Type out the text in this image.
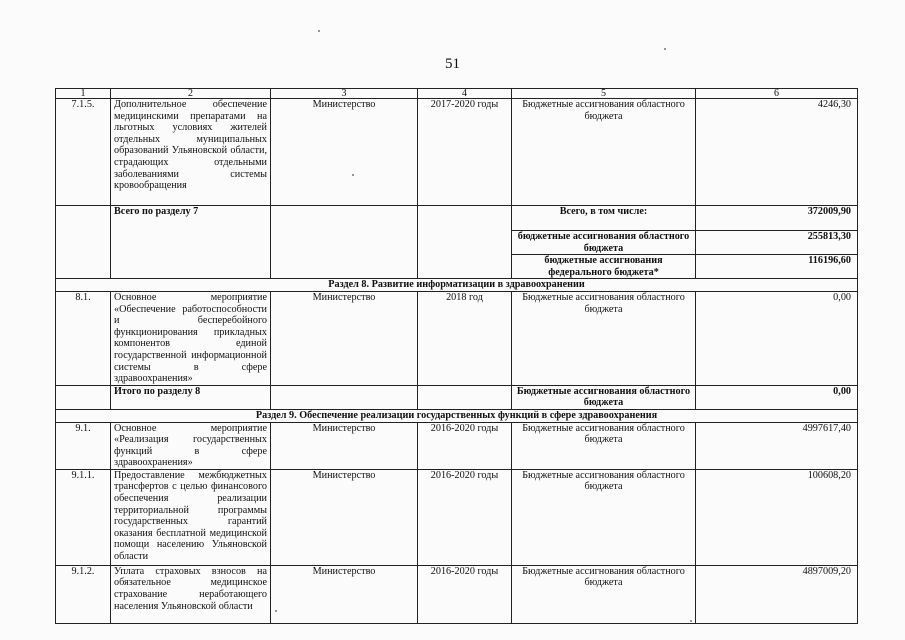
51
1	2	3	4	5	6
7.1.5.	Дополнительное обеспечение медицинскими препаратами на льготных условиях жителей отдельных муниципальных образований Ульяновской области, страдающих отдельными заболеваниями системы кровообращения	Министерство	2017-2020 годы	Бюджетные ассигнования областного бюджета	4246,30
	Всего по разделу 7			Всего, в том числе:	372009,90
				бюджетные ассигнования областного бюджета	255813,30
				бюджетные ассигнования федерального бюджета*	116196,60
Раздел 8. Развитие информатизации в здравоохранении					
8.1.	Основное мероприятие «Обеспечение работоспособности и бесперебойного функционирования прикладных компонентов единой государственной информационной системы в сфере здравоохранения»	Министерство	2018 год	Бюджетные ассигнования областного бюджета	0,00
	Итого по разделу 8			Бюджетные ассигнования областного бюджета	0,00
Раздел 9. Обеспечение реализации государственных функций в сфере здравоохранения					
9.1.	Основное мероприятие «Реализация государственных функций в сфере здравоохранения»	Министерство	2016-2020 годы	Бюджетные ассигнования областного бюджета	4997617,40
9.1.1.	Предоставление межбюджетных трансфертов с целью финансового обеспечения реализации территориальной программы государственных гарантий оказания бесплатной медицинской помощи населению Ульяновской области	Министерство	2016-2020 годы	Бюджетные ассигнования областного бюджета	100608,20
9.1.2.	Уплата страховых взносов на обязательное медицинское страхование неработающего населения Ульяновской области	Министерство	2016-2020 годы	Бюджетные ассигнования областного бюджета	4897009,20
